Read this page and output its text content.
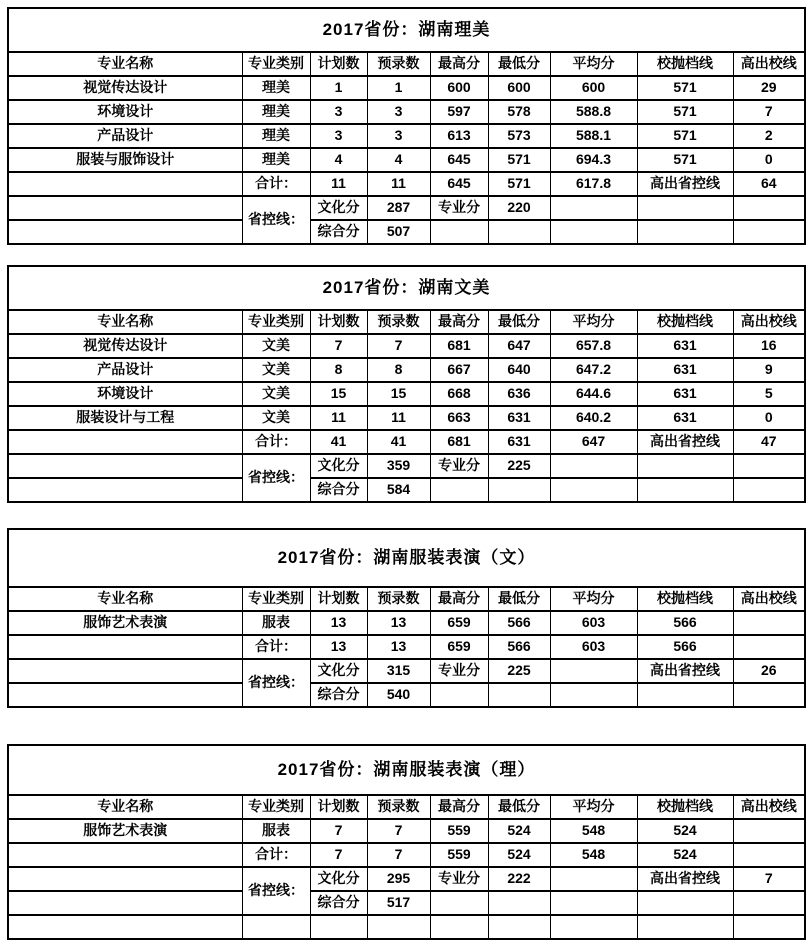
2017省份：湖南理美								
专业名称	专业类别	计划数	预录数	最高分	最低分	平均分	校抛档线	高出校线
视觉传达设计	理美	1	1	600	600	600	571	29
环境设计	理美	3	3	597	578	588.8	571	7
产品设计	理美	3	3	613	573	588.1	571	2
服装与服饰设计	理美	4	4	645	571	694.3	571	0
	合计：	11	11	645	571	617.8	高出省控线	64
	省控线：	文化分	287	专业分	220			
		综合分	507					
2017省份：湖南文美								
专业名称	专业类别	计划数	预录数	最高分	最低分	平均分	校抛档线	高出校线
视觉传达设计	文美	7	7	681	647	657.8	631	16
产品设计	文美	8	8	667	640	647.2	631	9
环境设计	文美	15	15	668	636	644.6	631	5
服装设计与工程	文美	11	11	663	631	640.2	631	0
	合计：	41	41	681	631	647	高出省控线	47
	省控线：	文化分	359	专业分	225			
		综合分	584					
2017省份：湖南服装表演（文）								
专业名称	专业类别	计划数	预录数	最高分	最低分	平均分	校抛档线	高出校线
服饰艺术表演	服表	13	13	659	566	603	566	
	合计：	13	13	659	566	603	566	
	省控线：	文化分	315	专业分	225		高出省控线	26
		综合分	540					
2017省份：湖南服装表演（理）								
专业名称	专业类别	计划数	预录数	最高分	最低分	平均分	校抛档线	高出校线
服饰艺术表演	服表	7	7	559	524	548	524	
	合计：	7	7	559	524	548	524	
	省控线：	文化分	295	专业分	222		高出省控线	7
		综合分	517					
